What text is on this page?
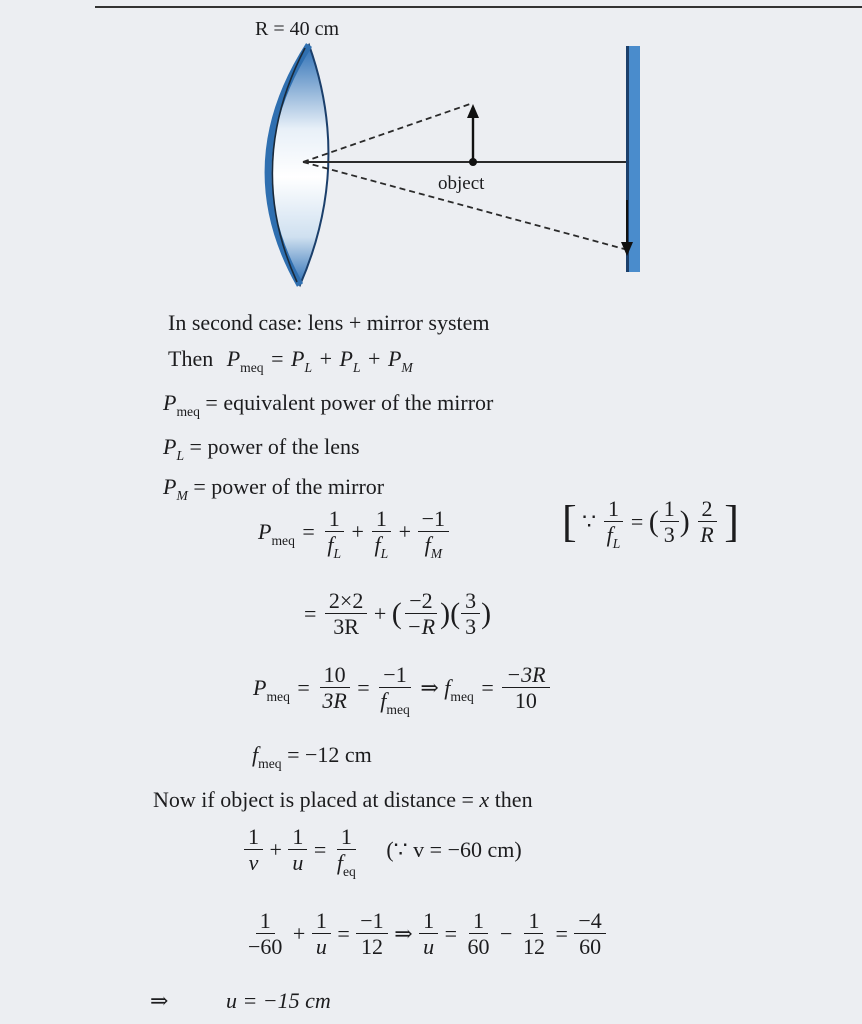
R = 40 cm
object
In second case: lens + mirror system
Then $P_{meq} = P_L + P_L + P_M$
$P_{meq}$ = equivalent power of the mirror
$P_L$ = power of the lens
$P_M$ = power of the mirror
$P_{meq} = \frac{1}{f_L} + \frac{1}{f_L} + \frac{-1}{f_M}$	[ ∵ $\frac{1}{f_L}$ = ( $\frac{1}{3}$ ) $\frac{2}{R}$ ]
= $\frac{2\times 2}{3R}$ + ( $\frac{-2}{-R}$ )( $\frac{3}{3}$ )
$P_{meq} = \frac{10}{3R} = \frac{-1}{f_{meq}}$ ⇒ $f_{meq} = \frac{-3R}{10}$
$f_{meq} = -12$ cm
Now if object is placed at distance = x then
$\frac{1}{v} + \frac{1}{u} = \frac{1}{f_{eq}}$ (∵ v = −60 cm)
$\frac{1}{-60} + \frac{1}{u} = \frac{-1}{12}$ ⇒ $\frac{1}{u} = \frac{1}{60} - \frac{1}{12} = \frac{-4}{60}$
⇒	u = −15 cm
